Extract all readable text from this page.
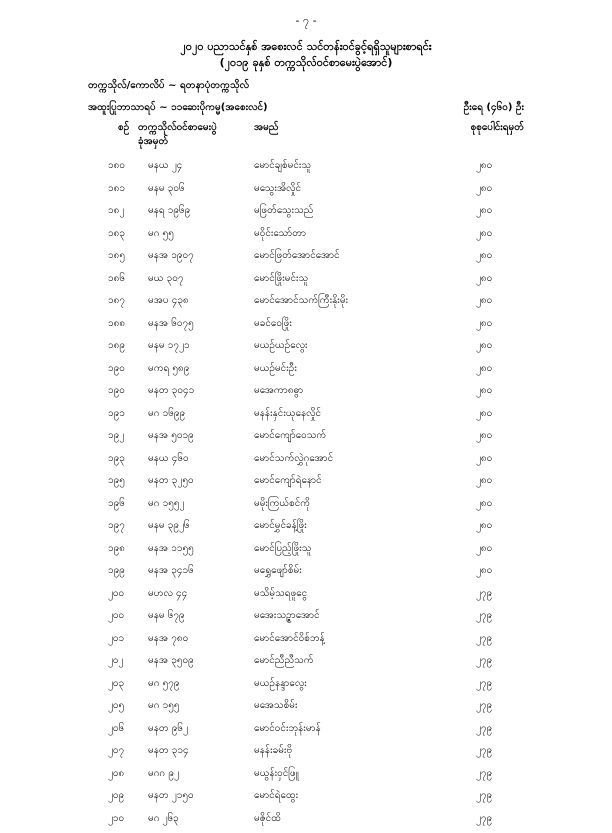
- ၇ -
၂၀၂၀ ပညာသင်နှစ် အစေးလင် သင်တန်းဝင်ခွင့်ရရှိသူများစာရင်း
(၂၀၁၉ ခုနှစ် တက္ကသိုလ်ဝင်စာမေးပွဲအောင်)
တက္ကသိုလ်/ကောလိပ် ~ ရတနာပုံတက္ကသိုလ်
အထူးပြုဘာသာရပ် ~ ၁၁ဆေးပိုကမ္မ(အစေးလင်)	ဦးရေ (၄၆၀) ဦး
စဉ် တက္ကသိုလ်ဝင်စာမေးပွဲ
ခုံအမှတ်
အမည်	စုစုပေါင်းရမှတ်
၁၈၀ မနယ ၂၄	မောင်ချစ်မင်းသူ	၂၈၀
၁၈၁ မနမ ၃၀၆	မသွေးအိလှိုင်	၂၈၀
၁၈၂ မနရ ၁၉၆၉	မဖြတ်သွေးသည်	၂၈၀
၁၈၃ မဂ ၅၅	မဝိုင်းသော်တာ	၂၈၀
၁၈၅ မနအ ၁၉၀၇	မောင်ဖြတ်အောင်အောင်	၂၈၀
၁၈၆ မယ ၃၀၇	မောင်ဖြိုးမင်းသူ	၂၈၀
၁၈၇ မအပ ၄၃၈	မောင်အောင်သက်ကြီးနိုးမိုး	၂၈၀
၁၈၈ မနအ ၆၀၇၅	မခင်ဝေဖြိုး	၂၈၀
၁၈၉ မနမ ၁၇၂၁	မယဉ်ယဉ်လွေး	၂၈၀
၁၉၀ မကရ ၅၈၉	မယဉ်မင်းဦး	၂၈၀
၁၉၀ မနတ ၃၀၄၁	မအေကာ၈ဓွာ	၂၈၀
၁၉၁ မဂ ၁၆၉၉	မနန်းနှင်းယုနေလှိုင်	၂၈၀
၁၉၂ မနအ ၅၀၁၉	မောင်ကျော်ဝေသက်	၂၈၀
၁၉၃ မနယ ၄၆၀	မောင်သက်လွှဲဂုအောင်	၂၈၀
၁၉၅ မနတ ၃၂၅၀	မောင်ကျော်ရဲနောင်	၂၈၀
၁၉၆ မဂ ၁၅၅၂	မမိုးကြယ်စင်ကို	၂၈၀
၁၉၇ မနမ ၃၉၂၆	မောင်မွှင်ခန့်ဖြိုး	၂၈၀
၁၉၈ မနအ ၁၁၅၅	မောင်ပြည့်ဖြိုးသူ	၂၈၀
၁၉၉ မနအ ၃၄၁၆	မရွှေဖျော်စိမ်း	၂၈၀
၂၀၀ မဟလ ၄၄	မသိမ့်သရဖူငွေ	၂၇၉
၂၀၀ မနမ ၆၇၉	မအေးသဉ္ဇာအောင်	၂၇၉
၂၀၁ မနအ ၇၈၀	မောင်အောင်ဝိစ်ဘန့်	၂၇၉
၂၀၂ မနအ ၃၅၀၉	မောင်ညီညီသက်	၂၇၉
၂၀၃ မဂ ၅၇၉	မယဉ်နန္ဒာလွေး	၂၇၉
၂၀၅ မဂ ၁၅၅	မအေသစိမ်း	၂၇၉
၂၀၆ မနတ ၉၆၂	မောင်ဝင်းဘုန်းမာန်	၂၇၉
၂၀၇ မနတ ၃၁၄	မနန်းခမ်းဗို	၂၇၉
၂၀၈ မဂဂ ၉၂	မယွန်းဝှင်ဖြူ	၂၇၉
၂၀၉ မနတ ၂၁၅၀	မောင်ရဲထွေး	၂၇၉
၂၁၀ မဂ ၂၆၃	မဇိုင်ထိ	၂၇၉
